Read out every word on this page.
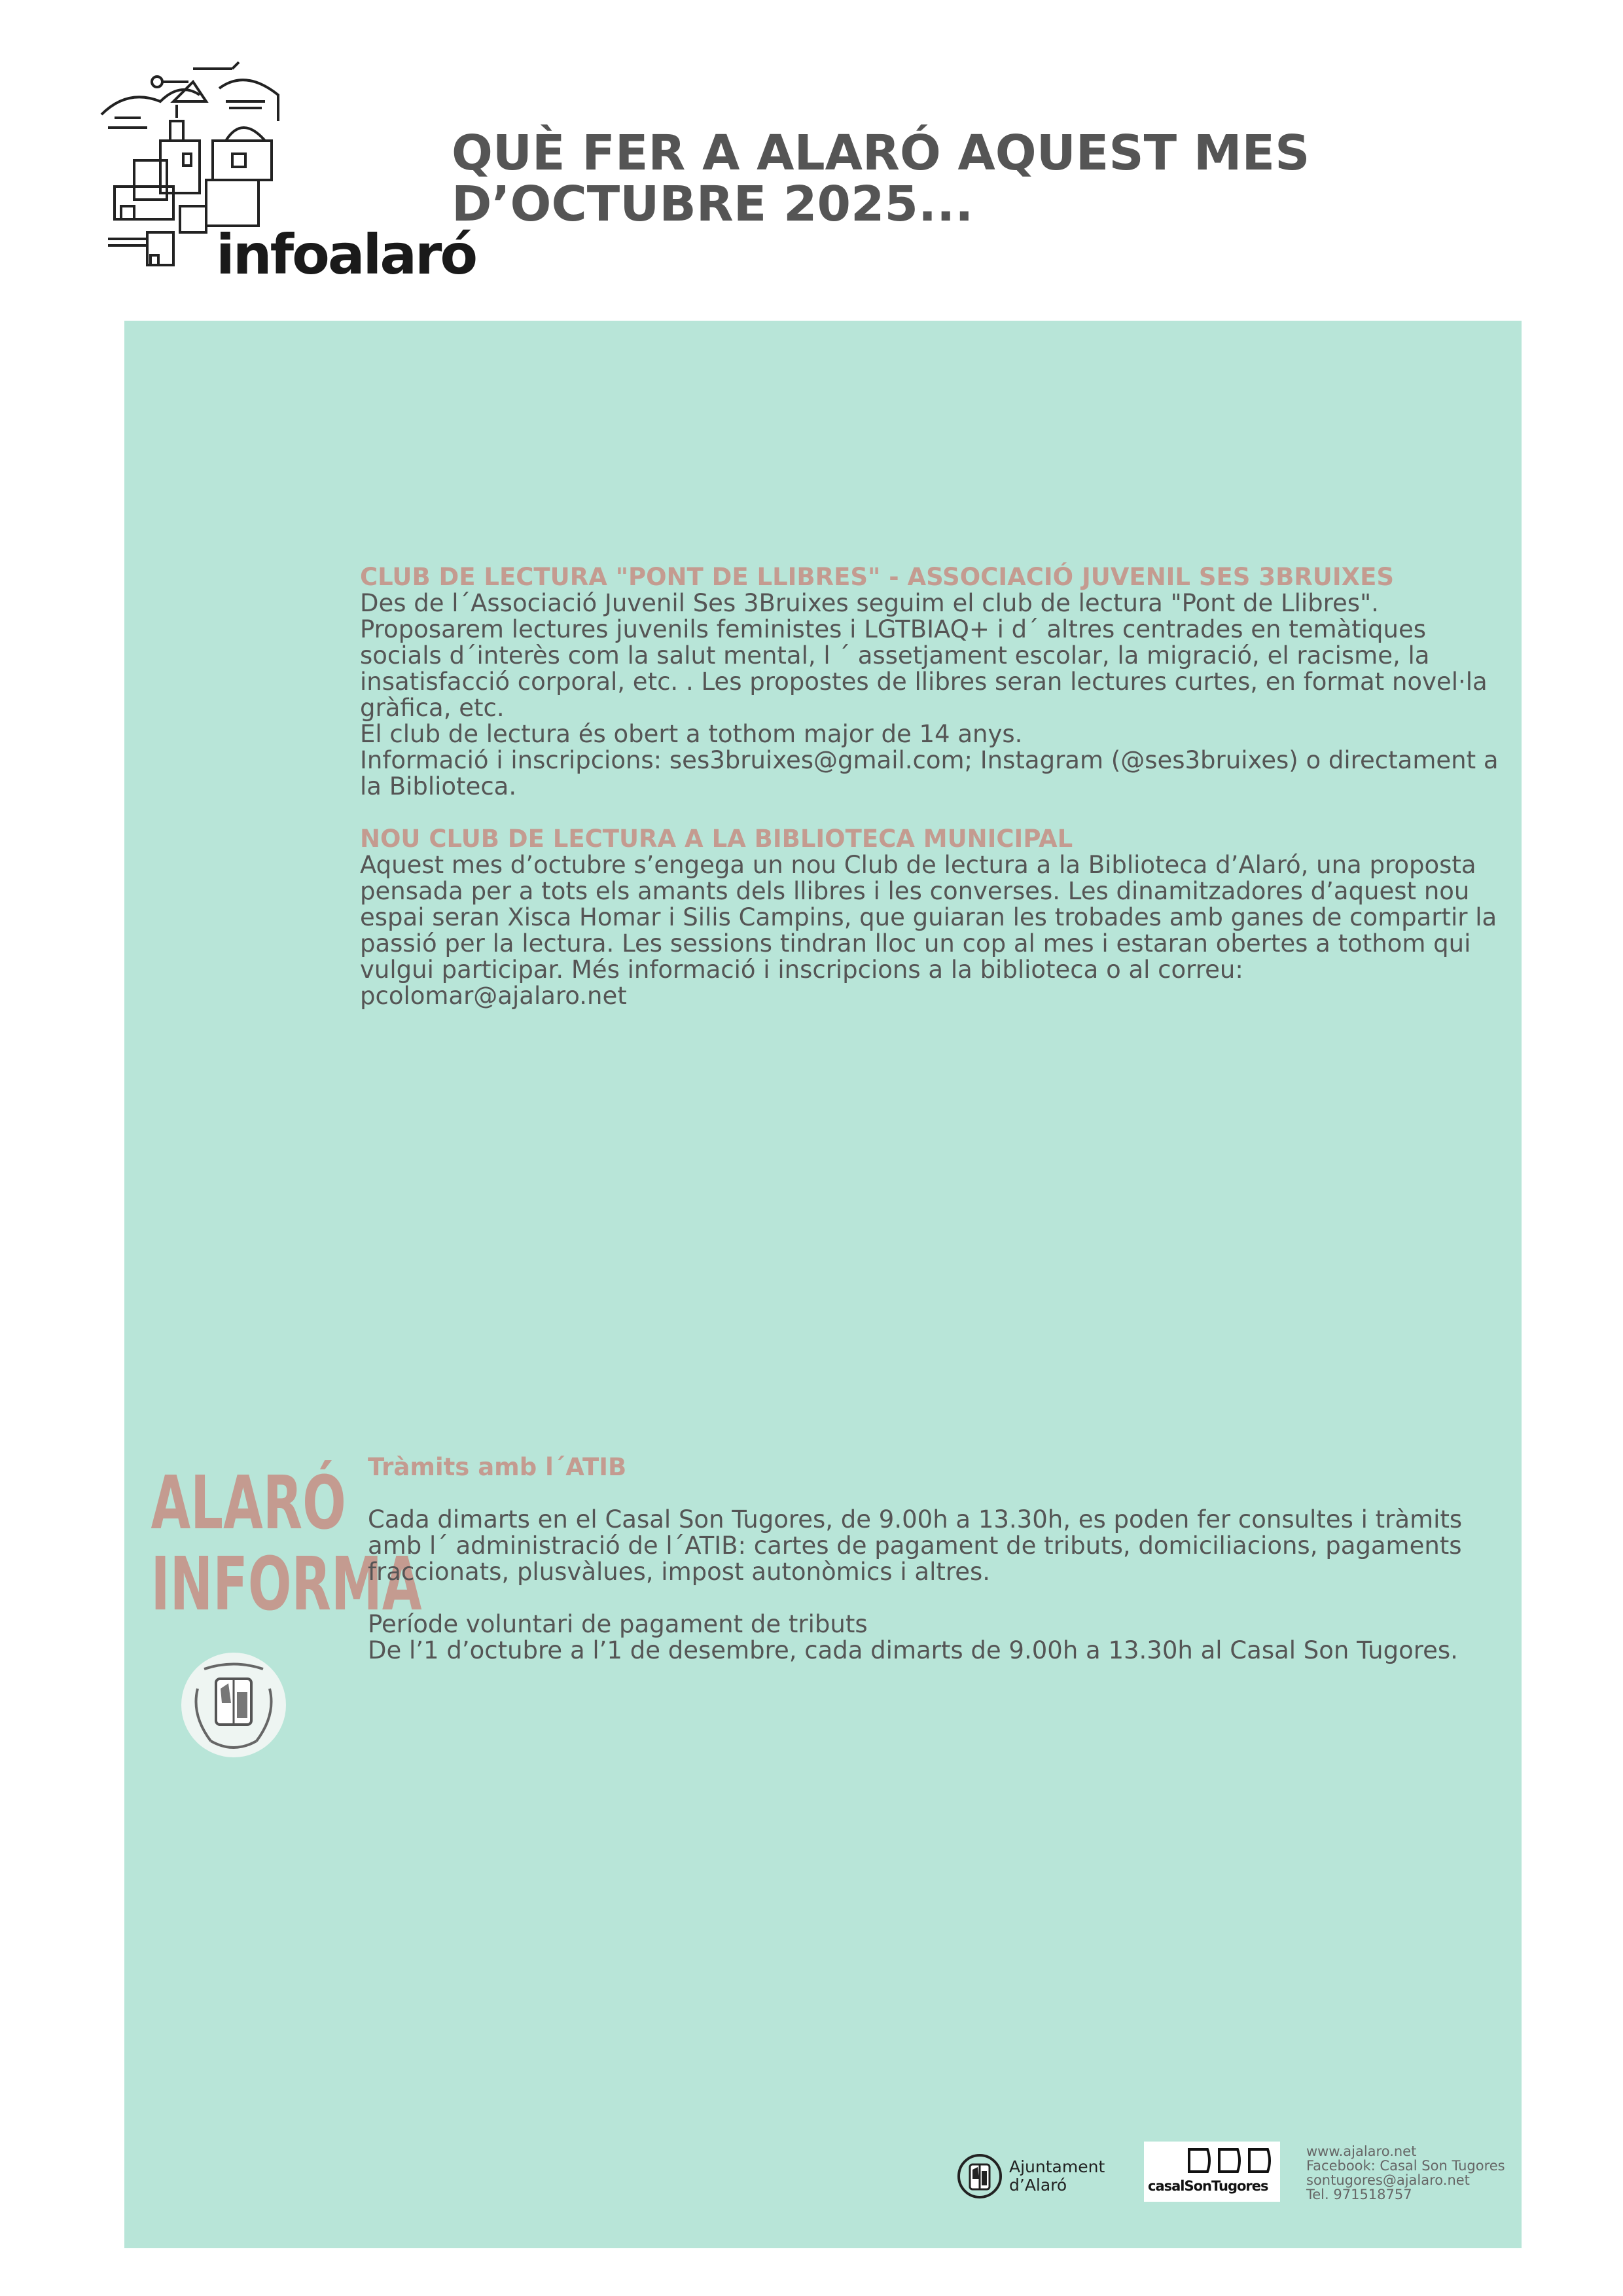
infoalaró
QUÈ FER A ALARÓ AQUEST MES
D’OCTUBRE 2025...
CLUB DE LECTURA "PONT DE LLIBRES" - ASSOCIACIÓ JUVENIL SES 3BRUIXES

Des de l´Associació Juvenil Ses 3Bruixes seguim el club de lectura "Pont de Llibres".

Proposarem lectures juvenils feministes i LGTBIAQ+ i d´ altres centrades en temàtiques socials d´interès com la salut mental, l ´ assetjament escolar, la migració, el racisme, la insatisfacció corporal, etc. . Les propostes de llibres seran lectures curtes, en format novel·la gràfica, etc.

El club de lectura és obert a tothom major de 14 anys.

Informació i inscripcions: ses3bruixes@gmail.com; Instagram (@ses3bruixes) o directament a la Biblioteca.

NOU CLUB DE LECTURA A LA BIBLIOTECA MUNICIPAL

Aquest mes d’octubre s’engega un nou Club de lectura a la Biblioteca d’Alaró, una proposta pensada per a tots els amants dels llibres i les converses. Les dinamitzadores d’aquest nou espai seran Xisca Homar i Silis Campins, que guiaran les trobades amb ganes de compartir la passió per la lectura. Les sessions tindran lloc un cop al mes i estaran obertes a tothom qui vulgui participar. Més informació i inscripcions a la biblioteca o al correu: pcolomar@ajalaro.net

ALARÓ
INFORMA
Tràmits amb l´ATIB

Cada dimarts en el Casal Son Tugores, de 9.00h a 13.30h, es poden fer consultes i tràmits amb l´ administració de l´ATIB: cartes de pagament de tributs, domiciliacions, pagaments fraccionats, plusvàlues, impost autonòmics i altres.

Període voluntari de pagament de tributs

De l’1 d’octubre a l’1 de desembre, cada dimarts de 9.00h a 13.30h al Casal Son Tugores.

Ajuntament
d’Alaró	casalSonTugores
www.ajalaro.net
Facebook: Casal Son Tugores
sontugores@ajalaro.net
Tel. 971518757
